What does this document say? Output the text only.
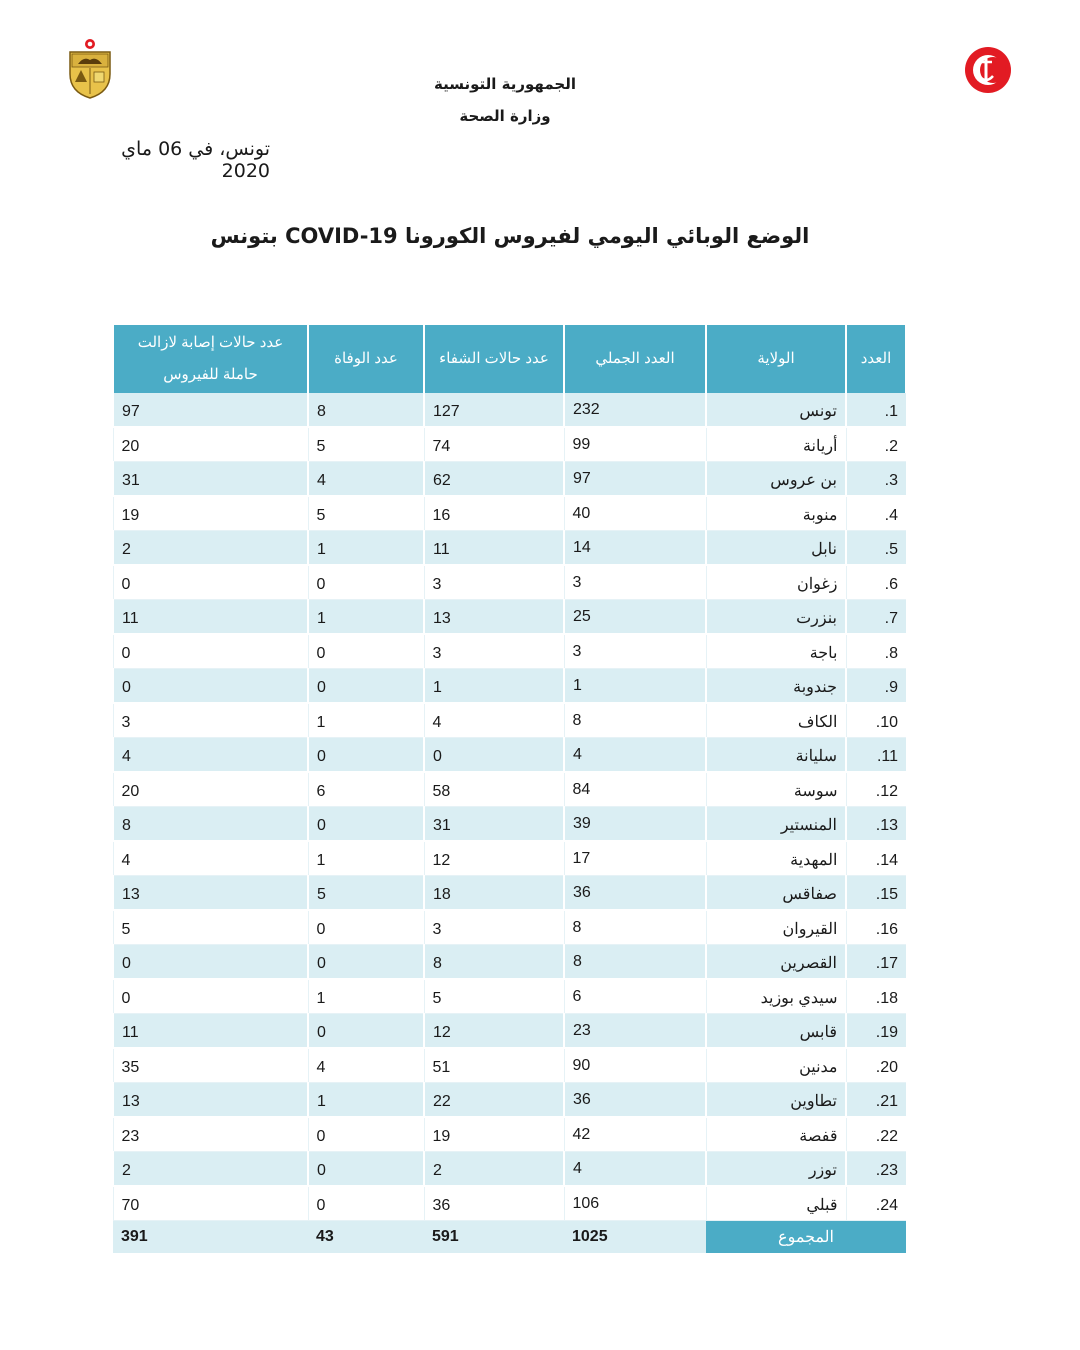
الجمهورية التونسية
وزارة الصحة
تونس، في 06 ماي 2020
الوضع الوبائي اليومي لفيروس الكورونا COVID-19 بتونس
العدد	الولاية	العدد الجملي	عدد حالات الشفاء	عدد الوفاة	عدد حالات إصابة لازالت حاملة للفيروس
1.	تونس	232	127	8	97
2.	أريانة	99	74	5	20
3.	بن عروس	97	62	4	31
4.	منوبة	40	16	5	19
5.	نابل	14	11	1	2
6.	زغوان	3	3	0	0
7.	بنزرت	25	13	1	11
8.	باجة	3	3	0	0
9.	جندوبة	1	1	0	0
10.	الكاف	8	4	1	3
11.	سليانة	4	0	0	4
12.	سوسة	84	58	6	20
13.	المنستير	39	31	0	8
14.	المهدية	17	12	1	4
15.	صفاقس	36	18	5	13
16.	القيروان	8	3	0	5
17.	القصرين	8	8	0	0
18.	سيدي بوزيد	6	5	1	0
19.	قابس	23	12	0	11
20.	مدنين	90	51	4	35
21.	تطاوين	36	22	1	13
22.	قفصة	42	19	0	23
23.	توزر	4	2	0	2
24.	قبلي	106	36	0	70
المجموع		1025	591	43	391
